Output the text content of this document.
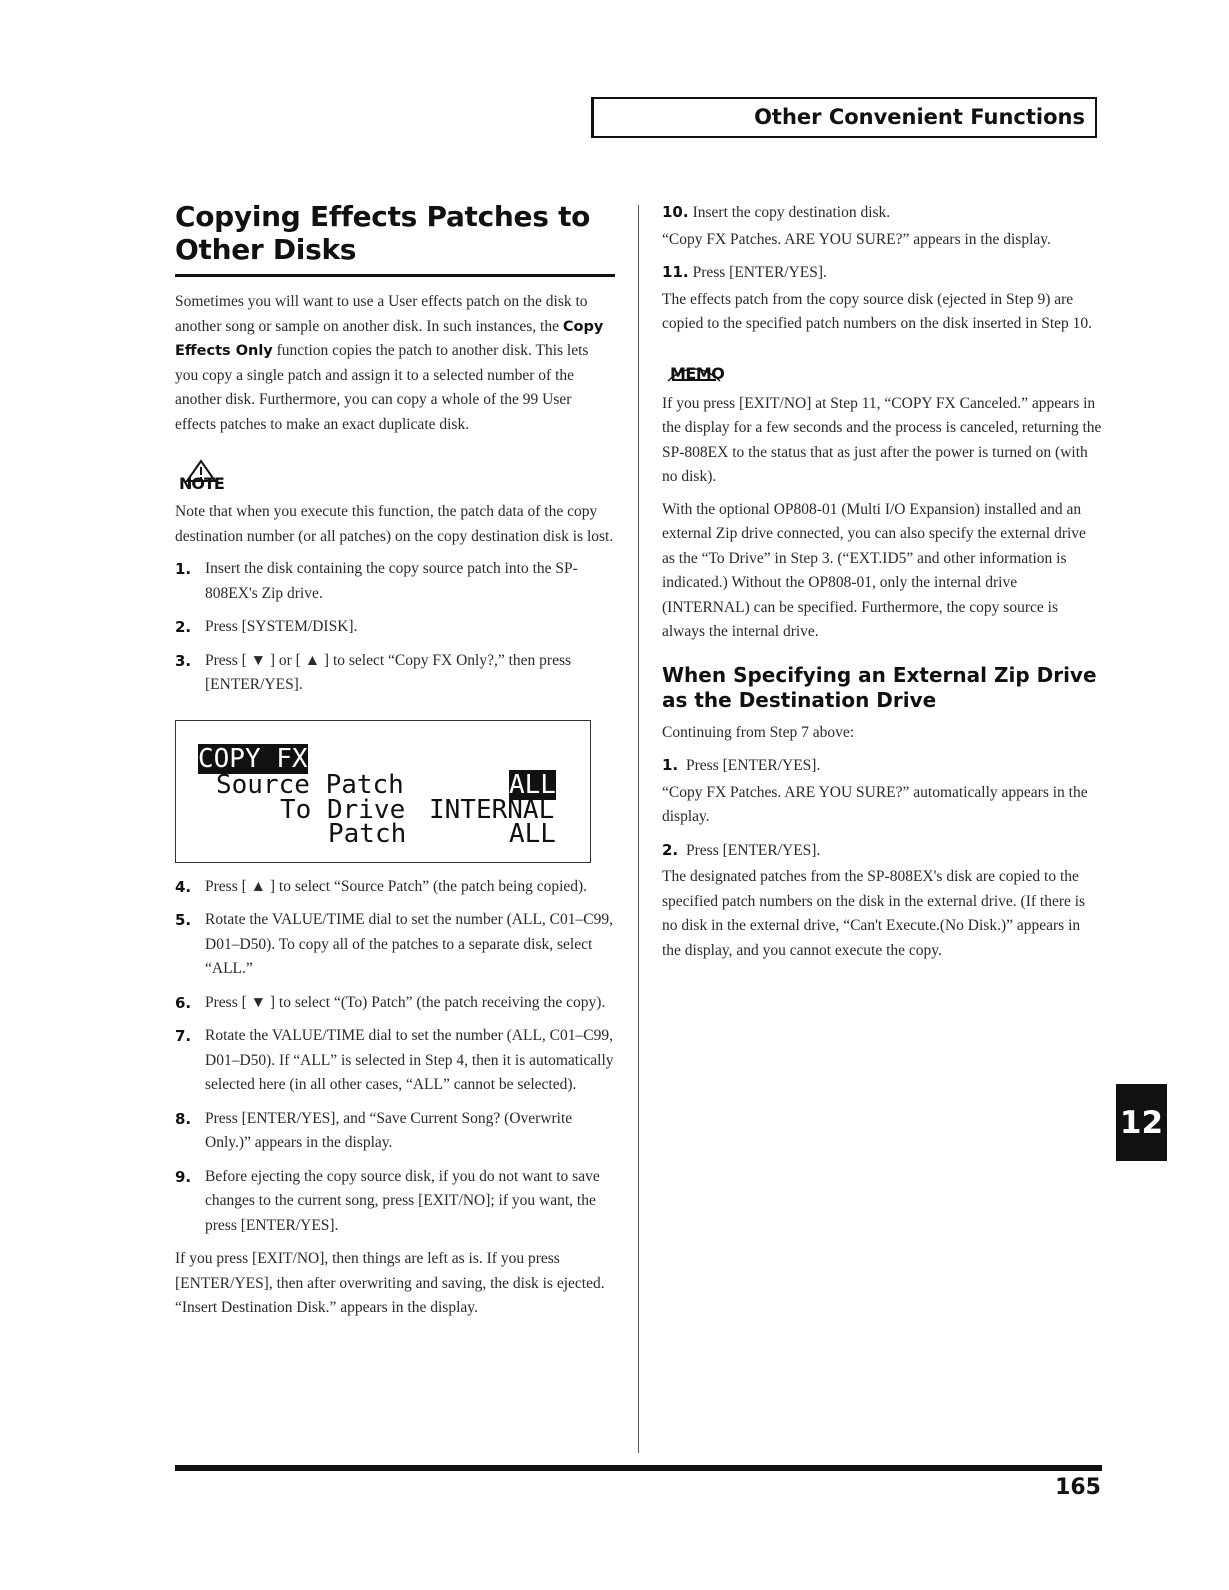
Other Convenient Functions
Copying Effects Patches to
Other Disks

Sometimes you will want to use a User effects patch on the disk to another song or sample on another disk. In such instances, the Copy Effects Only function copies the patch to another disk. This lets you copy a single patch and assign it to a selected number of the another disk. Furthermore, you can copy a whole of the 99 User effects patches to make an exact duplicate disk.

NOTE

Note that when you execute this function, the patch data of the copy destination number (or all patches) on the copy destination disk is lost.

1. Insert the disk containing the copy source patch into the SP-808EX's Zip drive.
2. Press [SYSTEM/DISK].
3. Press [ ▼ ] or [ ▲ ] to select “Copy FX Only?,” then press [ENTER/YES].
COPY FX
Source Patch	ALL
To Drive INTERNAL
Patch	ALL
4. Press [ ▲ ] to select “Source Patch” (the patch being copied).
5. Rotate the VALUE/TIME dial to set the number (ALL, C01–C99, D01–D50). To copy all of the patches to a separate disk, select “ALL.”
6. Press [ ▼ ] to select “(To) Patch” (the patch receiving the copy).
7. Rotate the VALUE/TIME dial to set the number (ALL, C01–C99, D01–D50). If “ALL” is selected in Step 4, then it is automatically selected here (in all other cases, “ALL” cannot be selected).
8. Press [ENTER/YES], and “Save Current Song? (Overwrite Only.)” appears in the display.
9. Before ejecting the copy source disk, if you do not want to save changes to the current song, press [EXIT/NO]; if you want, the press [ENTER/YES].

If you press [EXIT/NO], then things are left as is. If you press [ENTER/YES], then after overwriting and saving, the disk is ejected. “Insert Destination Disk.” appears in the display.

10. Insert the copy destination disk.

“Copy FX Patches. ARE YOU SURE?” appears in the display.

11. Press [ENTER/YES].

The effects patch from the copy source disk (ejected in Step 9) are copied to the specified patch numbers on the disk inserted in Step 10.

MEMO

If you press [EXIT/NO] at Step 11, “COPY FX Canceled.” appears in the display for a few seconds and the process is canceled, returning the SP-808EX to the status that as just after the power is turned on (with no disk).

With the optional OP808-01 (Multi I/O Expansion) installed and an external Zip drive connected, you can also specify the external drive as the “To Drive” in Step 3. (“EXT.ID5” and other information is indicated.) Without the OP808-01, only the internal drive (INTERNAL) can be specified. Furthermore, the copy source is always the internal drive.

When Specifying an External Zip Drive
as the Destination Drive

Continuing from Step 7 above:

1. Press [ENTER/YES].

“Copy FX Patches. ARE YOU SURE?” automatically appears in the display.

2. Press [ENTER/YES].

The designated patches from the SP-808EX's disk are copied to the specified patch numbers on the disk in the external drive. (If there is no disk in the external drive, “Can't Execute.(No Disk.)” appears in the display, and you cannot execute the copy.

12
165
